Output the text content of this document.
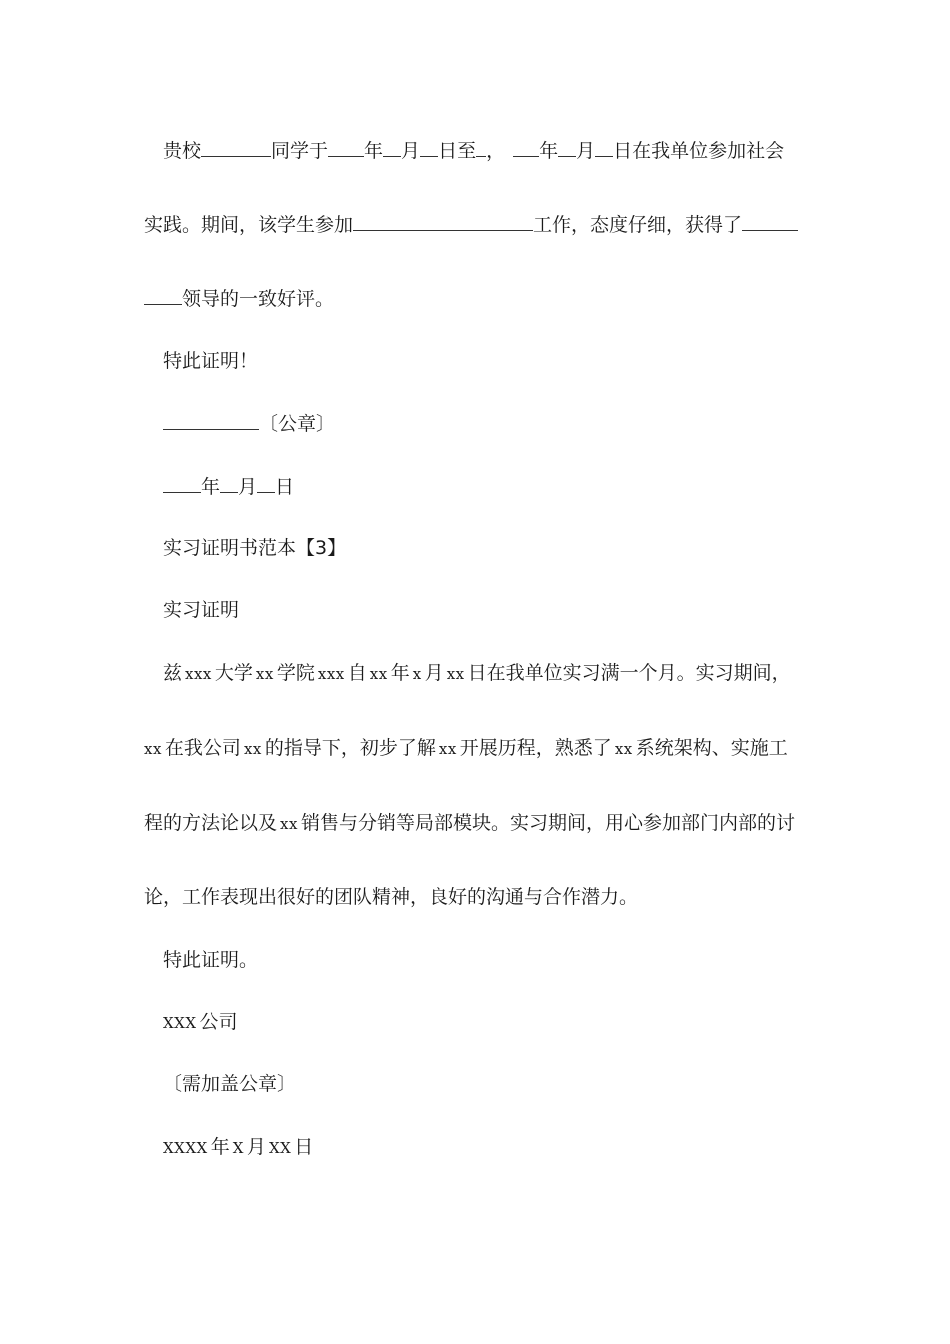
贵校	同学于 年 月 日至 ， 年 月 日在我单位参加社会
实践。期间，该学生参加	工作，态度仔细，获得了
领导的一致好评。
特此证明！
〔公章〕
年 月 日
实习证明书范本【3】
实习证明
兹 xxx 大学 xx 学院 xxx 自 xx 年 x 月 xx 日在我单位实习满一个月。实习期间，
xx 在我公司 xx 的指导下，初步了解 xx 开展历程，熟悉了 xx 系统架构、实施工
程的方法论以及 xx 销售与分销等局部模块。实习期间，用心参加部门内部的讨
论，工作表现出很好的团队精神，良好的沟通与合作潜力。
特此证明。
XXX 公司
〔需加盖公章〕
XXXX 年 X 月 XX 日
